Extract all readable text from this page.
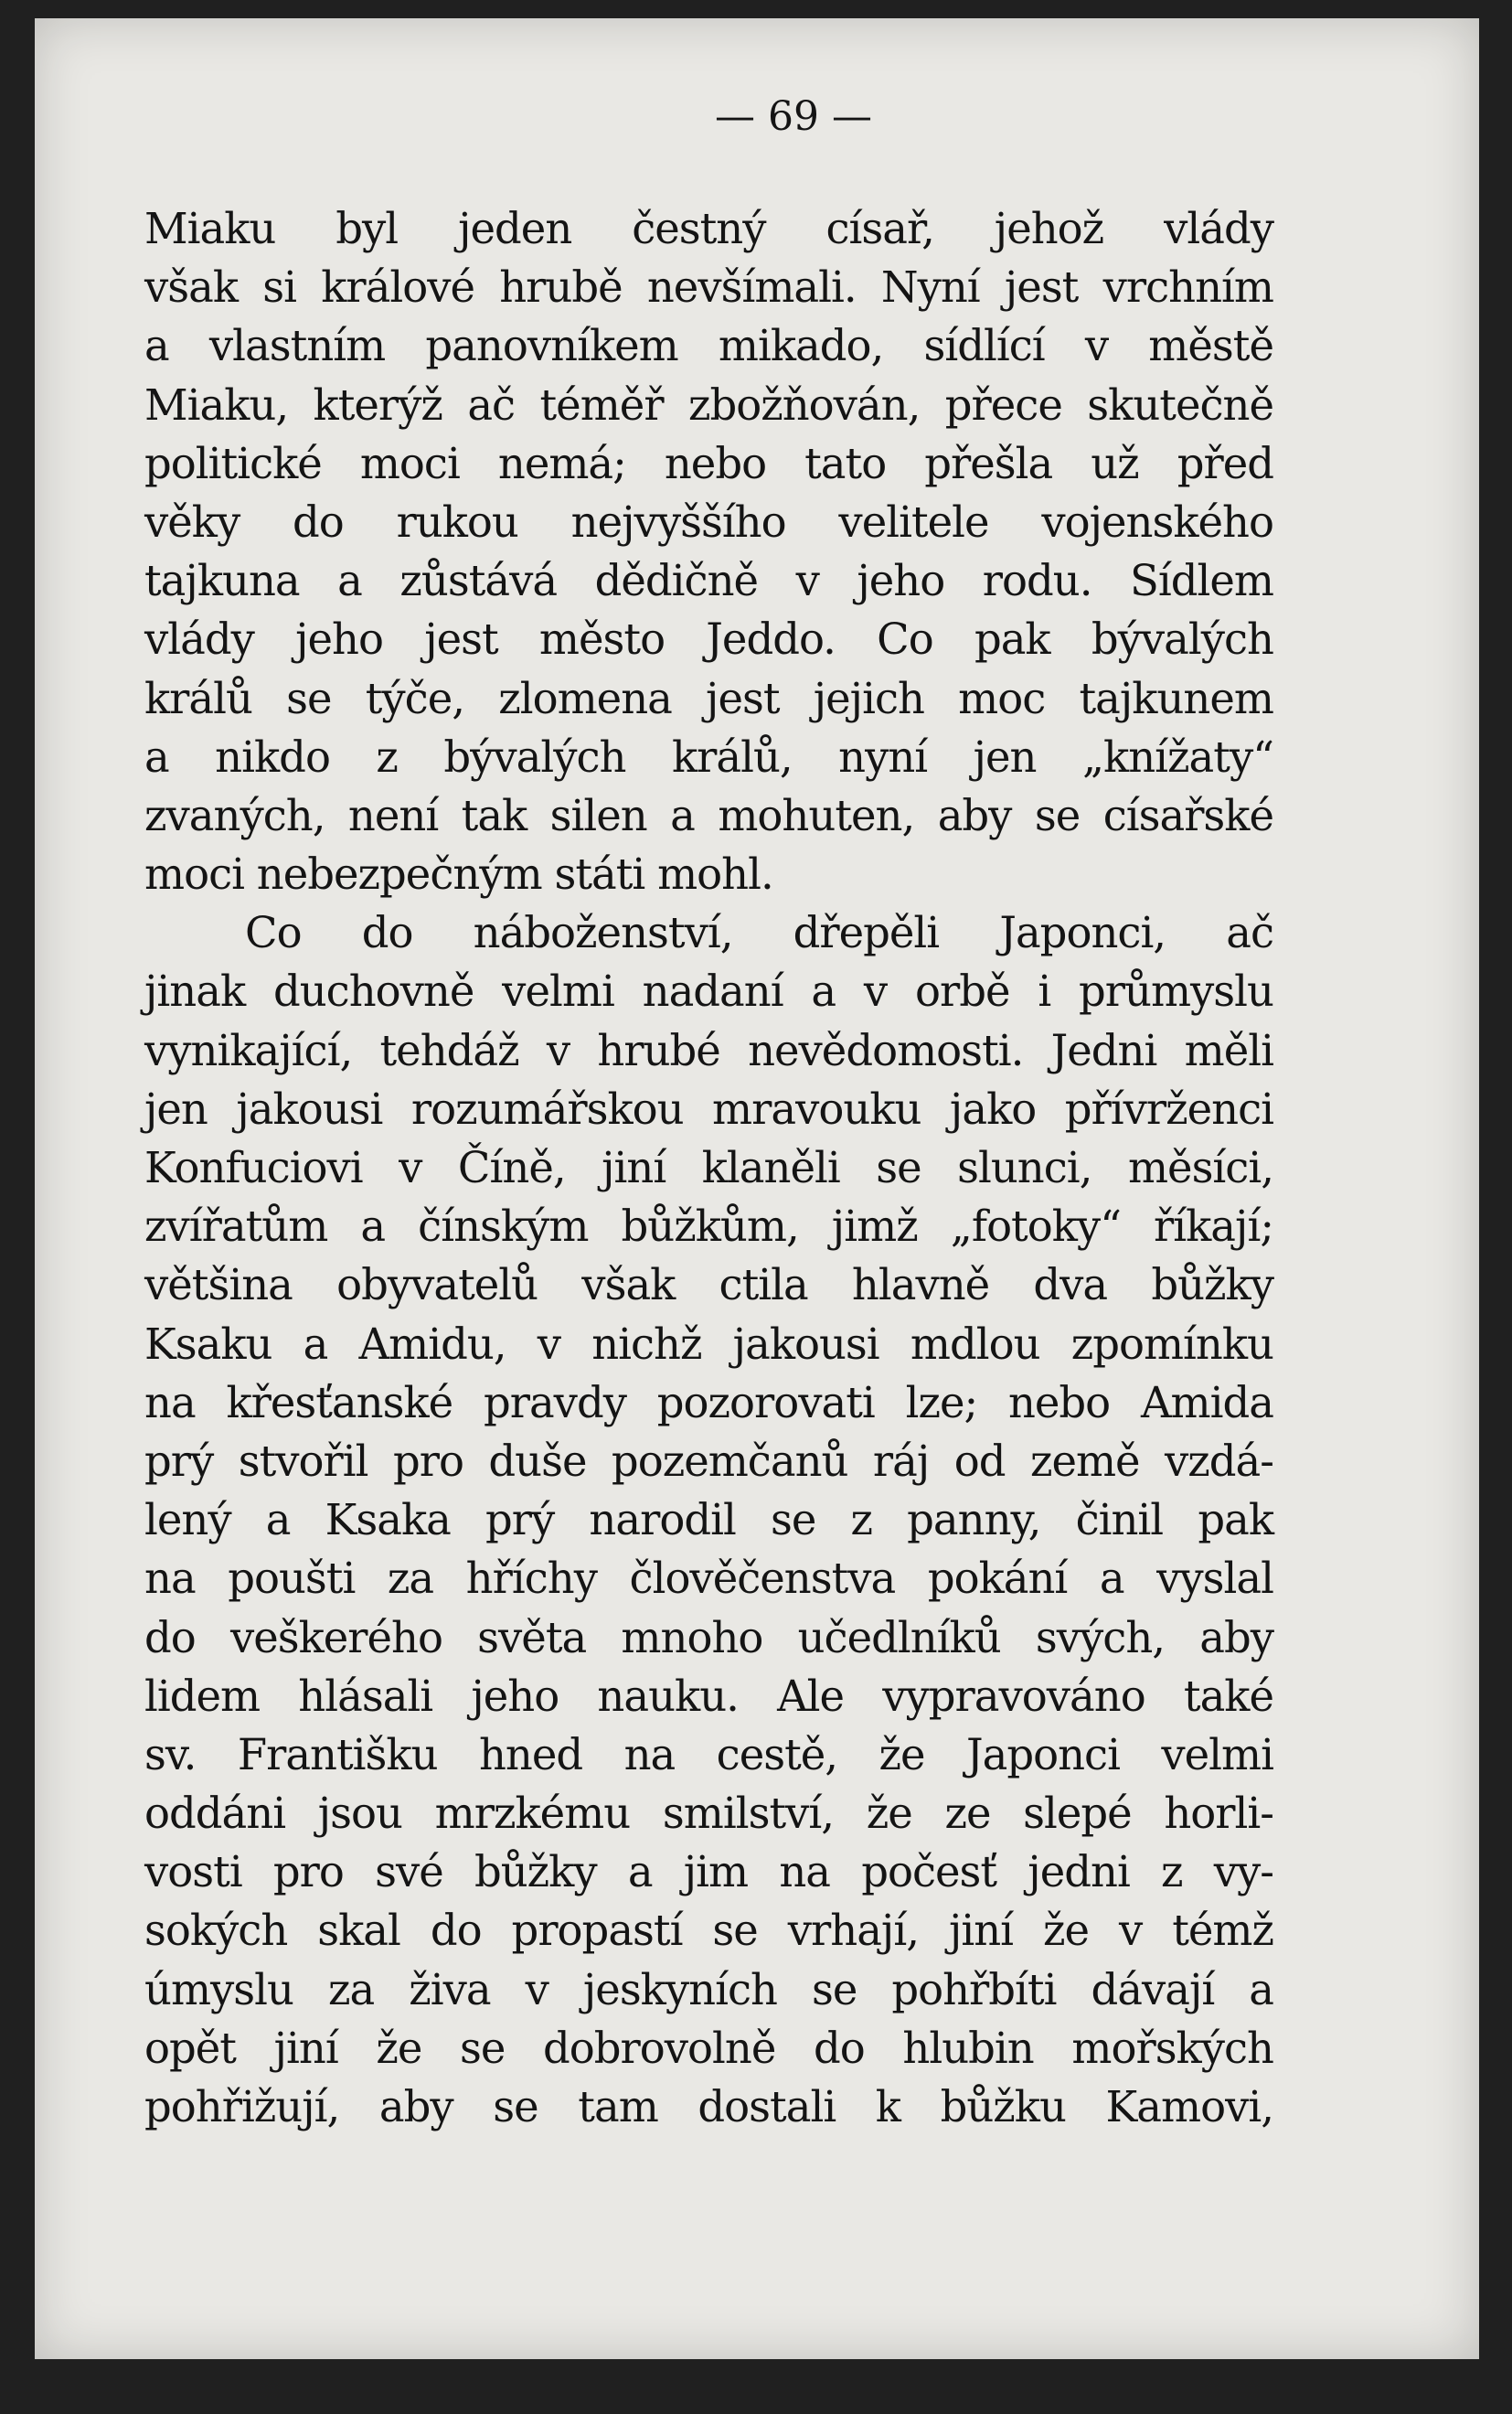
— 69 —
Miaku byl jeden čestný císař, jehož vlády
však si králové hrubě nevšímali. Nyní jest vrchním
a vlastním panovníkem mikado, sídlící v městě
Miaku, kterýž ač téměř zbožňován, přece skutečně
politické moci nemá; nebo tato přešla už před
věky do rukou nejvyššího velitele vojenského
tajkuna a zůstává dědičně v jeho rodu. Sídlem
vlády jeho jest město Jeddo. Co pak bývalých
králů se týče, zlomena jest jejich moc tajkunem
a nikdo z bývalých králů, nyní jen „knížaty“
zvaných, není tak silen a mohuten, aby se císařské
moci nebezpečným státi mohl.
Co do náboženství, dřepěli Japonci, ač
jinak duchovně velmi nadaní a v orbě i průmyslu
vynikající, tehdáž v hrubé nevědomosti. Jedni měli
jen jakousi rozumářskou mravouku jako přívrženci
Konfuciovi v Číně, jiní klaněli se slunci, měsíci,
zvířatům a čínským bůžkům, jimž „fotoky“ říkají;
většina obyvatelů však ctila hlavně dva bůžky
Ksaku a Amidu, v nichž jakousi mdlou zpomínku
na křesťanské pravdy pozorovati lze; nebo Amida
prý stvořil pro duše pozemčanů ráj od země vzdá-
lený a Ksaka prý narodil se z panny, činil pak
na poušti za hříchy člověčenstva pokání a vyslal
do veškerého světa mnoho učedlníků svých, aby
lidem hlásali jeho nauku. Ale vypravováno také
sv. Františku hned na cestě, že Japonci velmi
oddáni jsou mrzkému smilství, že ze slepé horli-
vosti pro své bůžky a jim na počesť jedni z vy-
sokých skal do propastí se vrhají, jiní že v témž
úmyslu za živa v jeskyních se pohřbíti dávají a
opět jiní že se dobrovolně do hlubin mořských
pohřižují, aby se tam dostali k bůžku Kamovi,
